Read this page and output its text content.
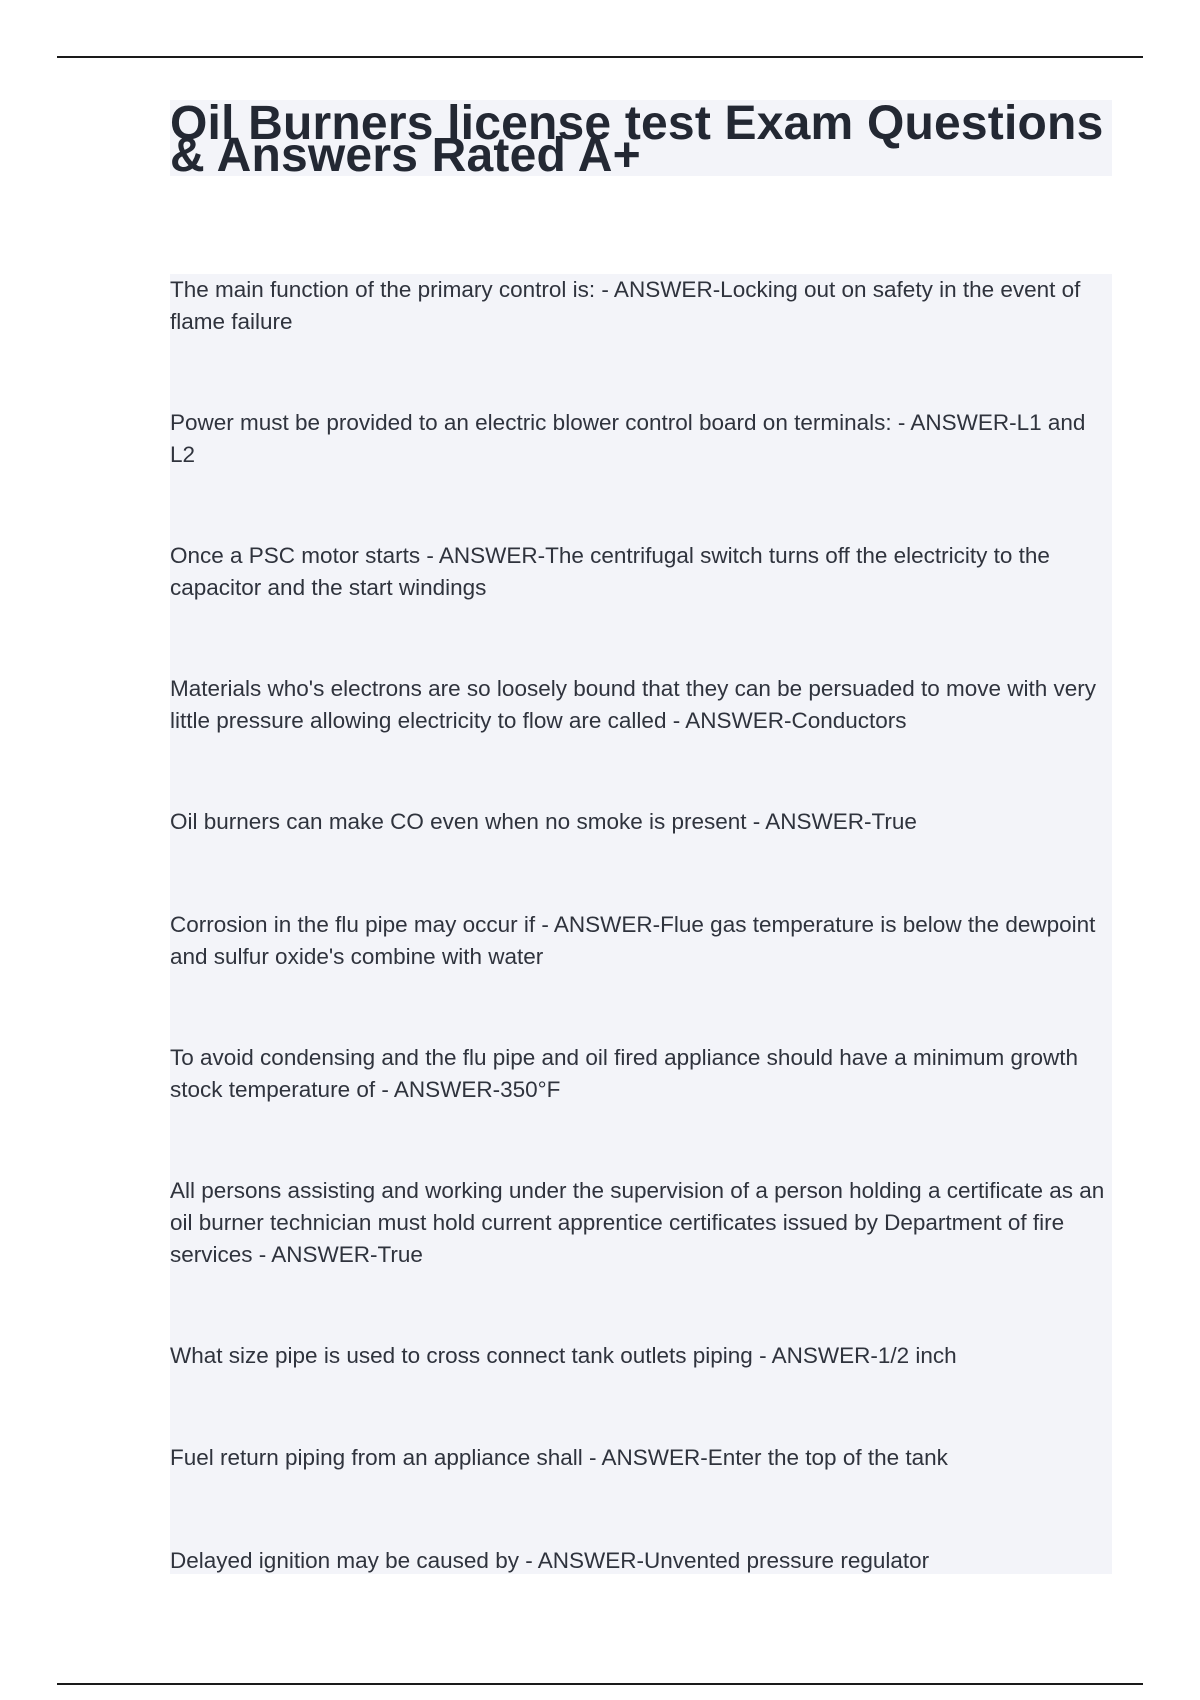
Oil Burners license test Exam Questions & Answers Rated A+

The main function of the primary control is: - ANSWER-Locking out on safety in the event of flame failure

Power must be provided to an electric blower control board on terminals: - ANSWER-L1 and L2

Once a PSC motor starts - ANSWER-The centrifugal switch turns off the electricity to the capacitor and the start windings

Materials who's electrons are so loosely bound that they can be persuaded to move with very little pressure allowing electricity to flow are called - ANSWER-Conductors

Oil burners can make CO even when no smoke is present - ANSWER-True

Corrosion in the flu pipe may occur if - ANSWER-Flue gas temperature is below the dewpoint and sulfur oxide's combine with water

To avoid condensing and the flu pipe and oil fired appliance should have a minimum growth stock temperature of - ANSWER-350°F

All persons assisting and working under the supervision of a person holding a certificate as an oil burner technician must hold current apprentice certificates issued by Department of fire services - ANSWER-True

What size pipe is used to cross connect tank outlets piping - ANSWER-1/2 inch

Fuel return piping from an appliance shall - ANSWER-Enter the top of the tank

Delayed ignition may be caused by - ANSWER-Unvented pressure regulator
